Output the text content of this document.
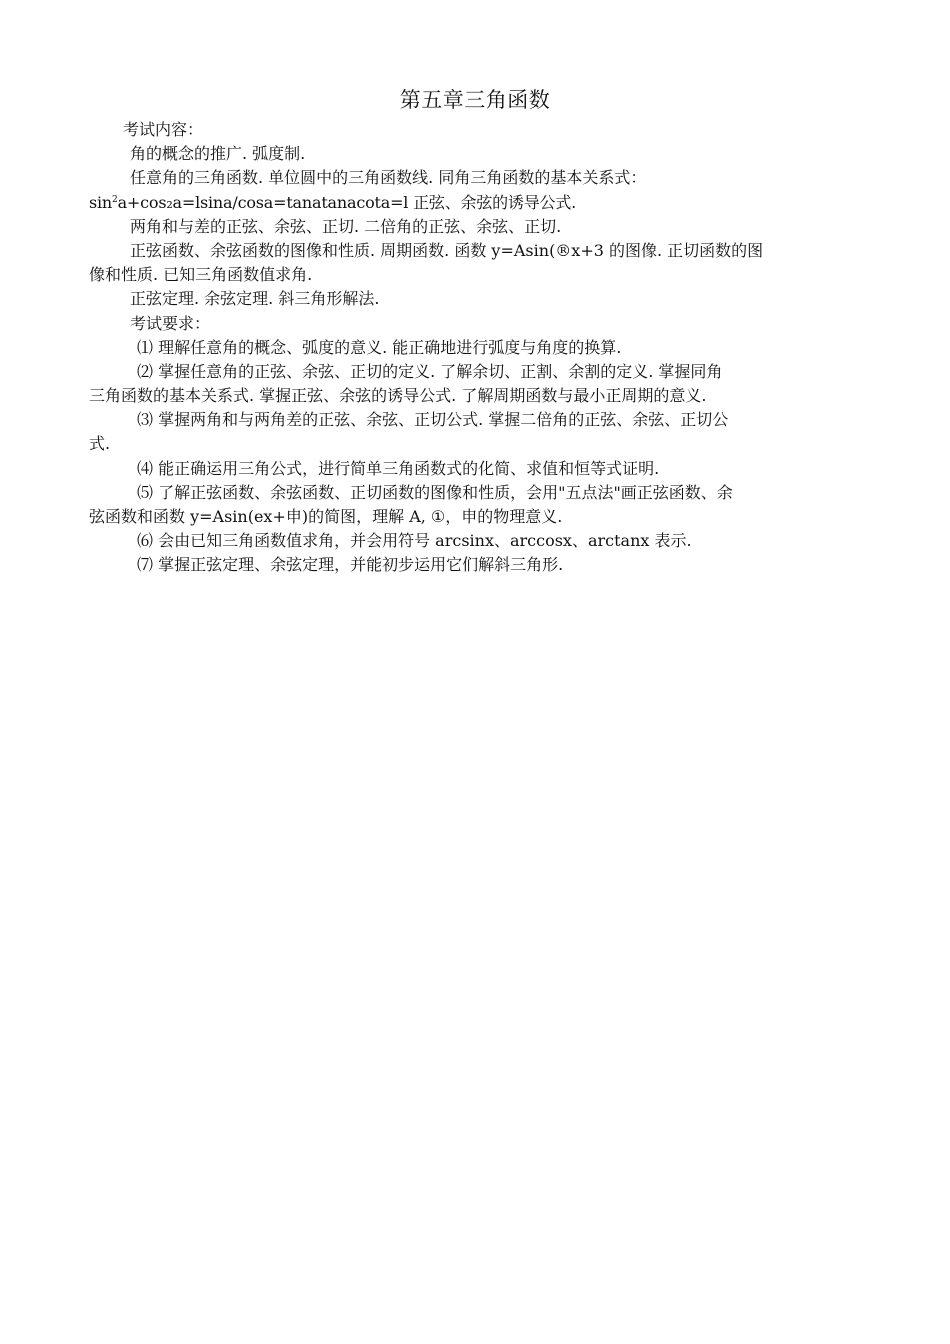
第五章三角函数
考试内容：
角的概念的推广. 弧度制.
任意角的三角函数. 单位圆中的三角函数线. 同角三角函数的基本关系式：
$\sin^2a+\cos_2a=lsina/\cos a=tanatanacota=l$ 正弦、余弦的诱导公式.
两角和与差的正弦、余弦、正切. 二倍角的正弦、余弦、正切.
正弦函数、余弦函数的图像和性质. 周期函数. 函数 y=Asin(®x+3 的图像. 正切函数的图
像和性质. 已知三角函数值求角.
正弦定理. 余弦定理. 斜三角形解法.
考试要求：
⑴ 理解任意角的概念、弧度的意义. 能正确地进行弧度与角度的换算.
⑵ 掌握任意角的正弦、余弦、正切的定义. 了解余切、正割、余割的定义. 掌握同角
三角函数的基本关系式. 掌握正弦、余弦的诱导公式. 了解周期函数与最小正周期的意义.
⑶ 掌握两角和与两角差的正弦、余弦、正切公式. 掌握二倍角的正弦、余弦、正切公
式.
⑷ 能正确运用三角公式，进行简单三角函数式的化简、求值和恒等式证明.
⑸ 了解正弦函数、余弦函数、正切函数的图像和性质，会用"五点法"画正弦函数、余
弦函数和函数 y=Asin(ex+申)的简图，理解 A, ①，申的物理意义.
⑹ 会由已知三角函数值求角，并会用符号 arcsinx、arccosx、arctanx 表示.
⑺ 掌握正弦定理、余弦定理，并能初步运用它们解斜三角形.
